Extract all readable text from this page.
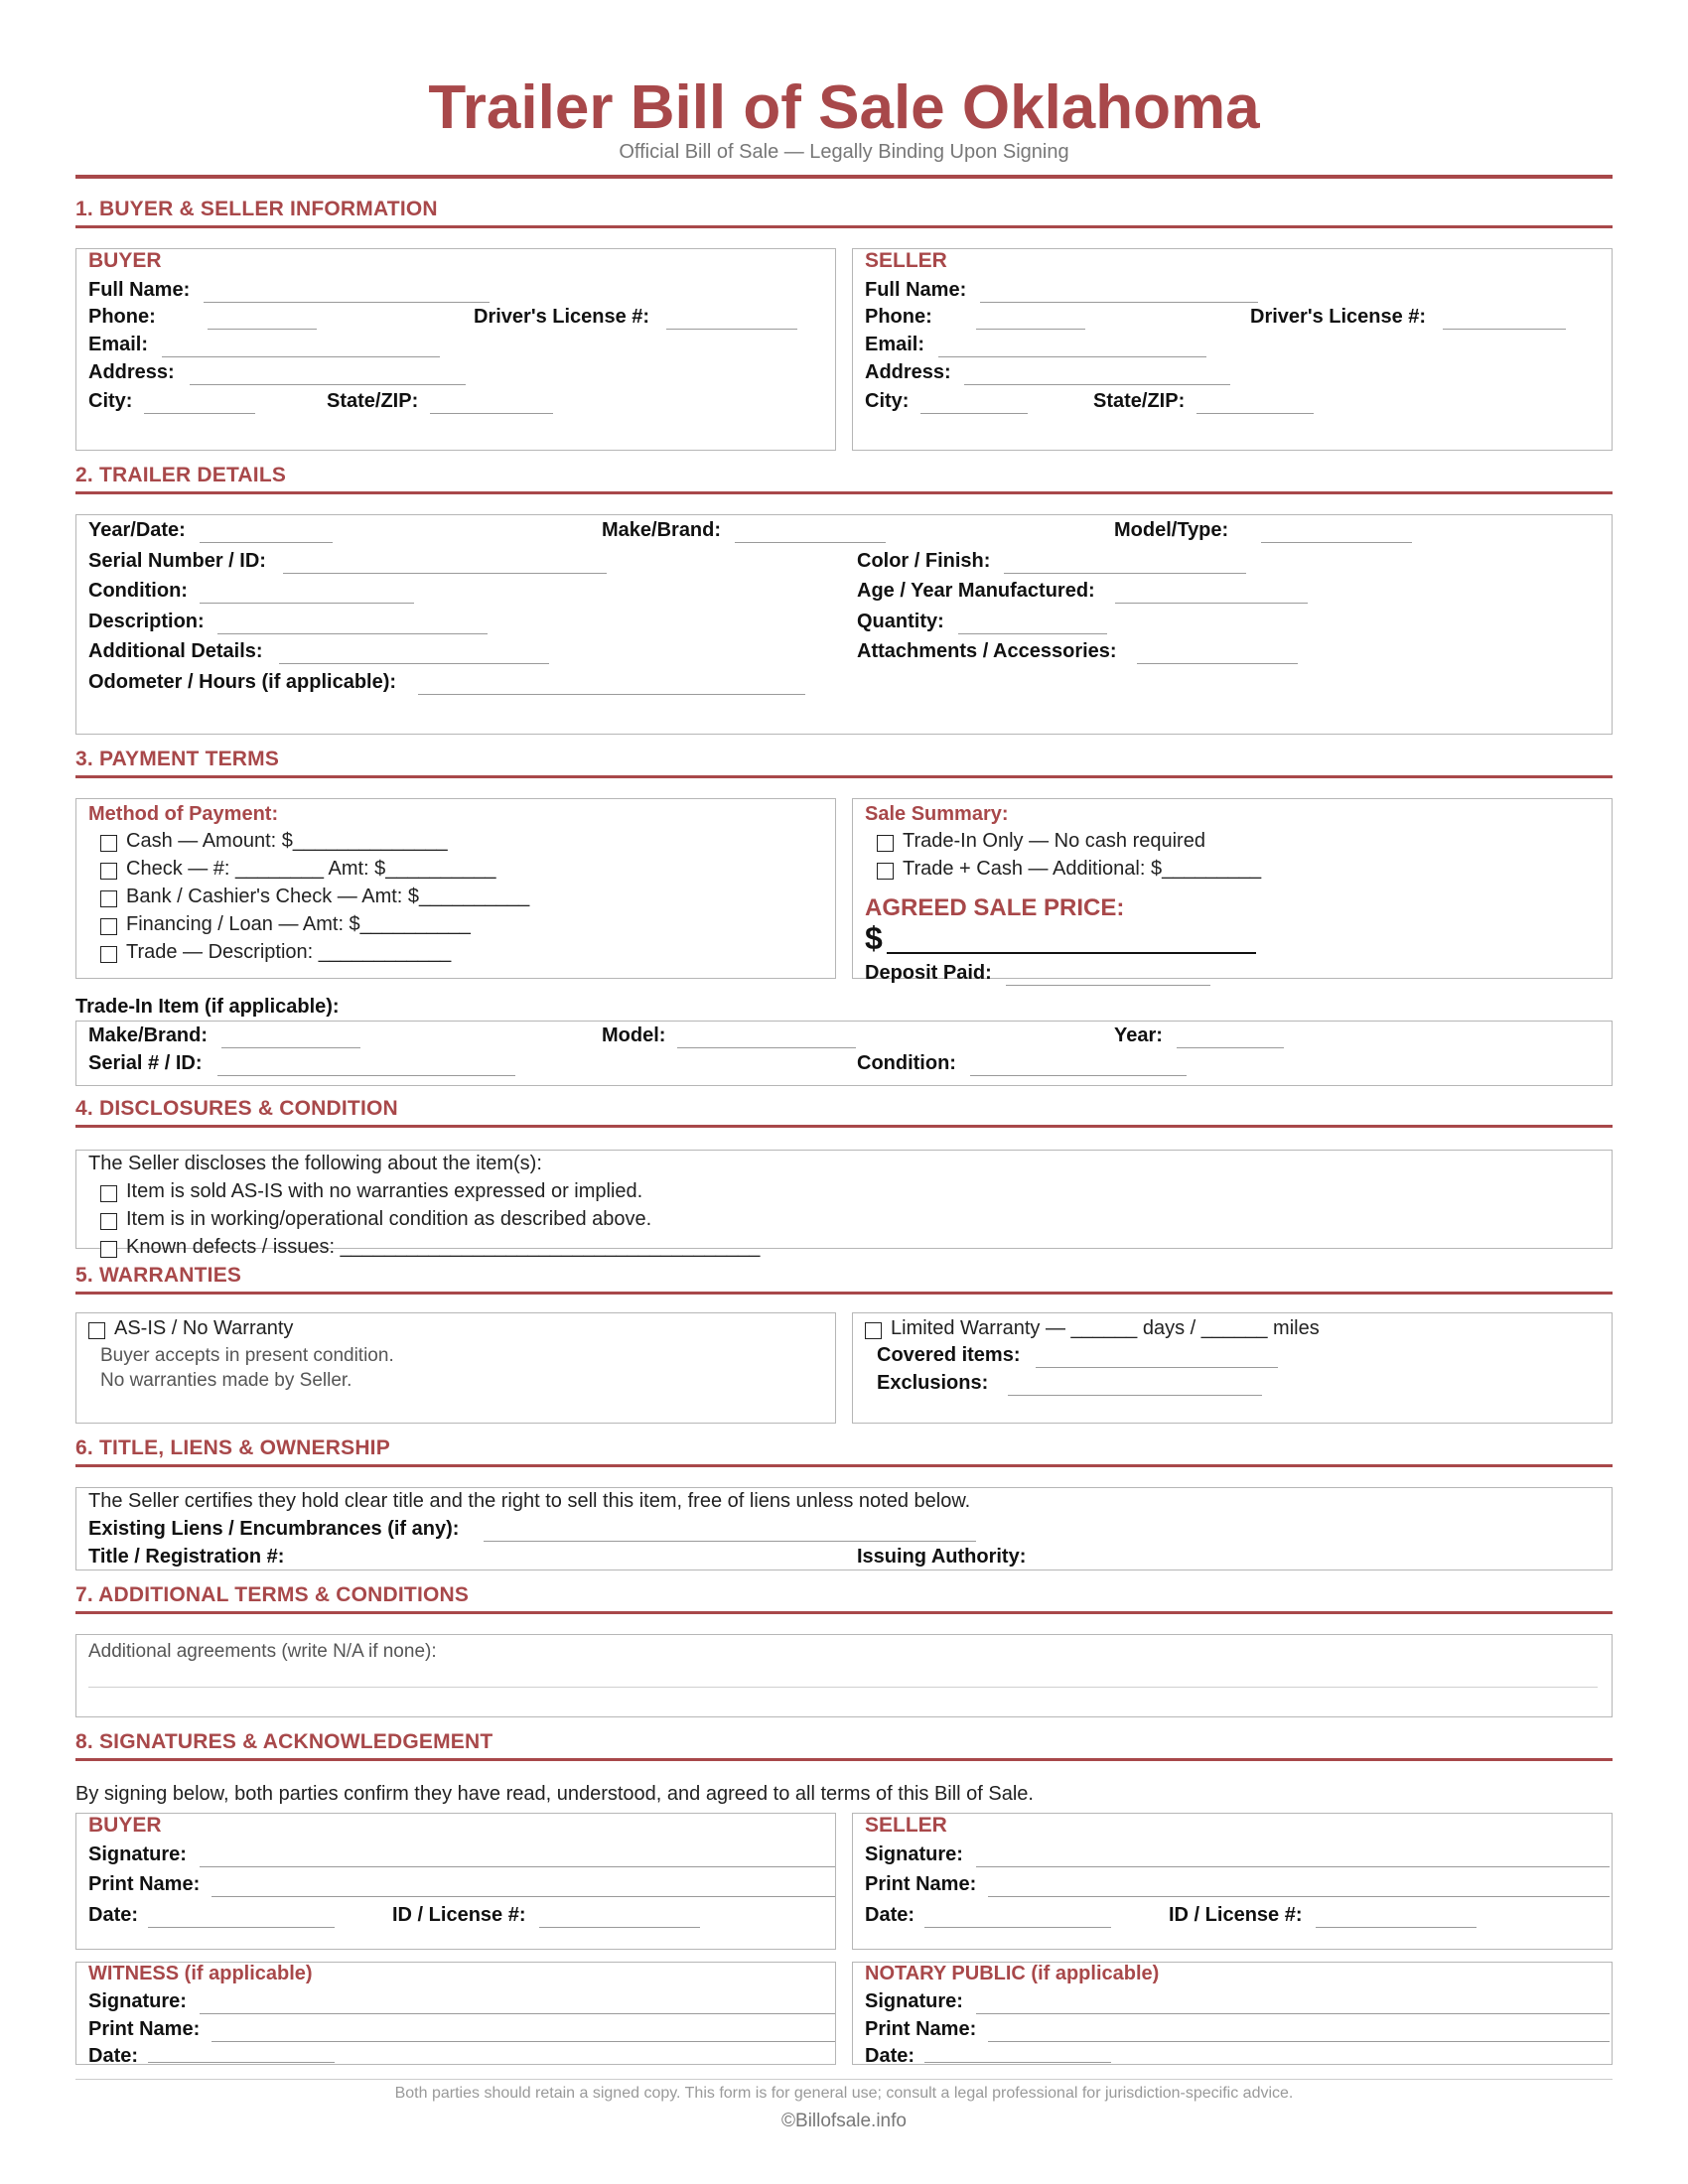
Trailer Bill of Sale Oklahoma
Official Bill of Sale — Legally Binding Upon Signing
1. BUYER & SELLER INFORMATION
BUYER
Full Name:
Phone:	Driver's License #:
Email:
Address:
City:	State/ZIP:
SELLER
Full Name:
Phone:	Driver's License #:
Email:
Address:
City:	State/ZIP:
2. TRAILER DETAILS
Year/Date:	Make/Brand:	Model/Type:
Serial Number / ID:	Color / Finish:
Condition:	Age / Year Manufactured:
Description:	Quantity:
Additional Details:	Attachments / Accessories:
Odometer / Hours (if applicable):
3. PAYMENT TERMS
Method of Payment:
Cash — Amount: $______________
Check — #: ________ Amt: $__________
Bank / Cashier's Check — Amt: $__________
Financing / Loan — Amt: $__________
Trade — Description: ____________
Sale Summary:
Trade-In Only — No cash required
Trade + Cash — Additional: $_________
AGREED SALE PRICE:
$
Deposit Paid:
Trade-In Item (if applicable):
Make/Brand:	Model:	Year:
Serial # / ID:	Condition:
4. DISCLOSURES & CONDITION
The Seller discloses the following about the item(s):
Item is sold AS-IS with no warranties expressed or implied.
Item is in working/operational condition as described above.
Known defects / issues: ______________________________________
5. WARRANTIES
AS-IS / No Warranty
Buyer accepts in present condition.
No warranties made by Seller.
Limited Warranty — ______ days / ______ miles
Covered items:
Exclusions:
6. TITLE, LIENS & OWNERSHIP
The Seller certifies they hold clear title and the right to sell this item, free of liens unless noted below.
Existing Liens / Encumbrances (if any):
Title / Registration #:	Issuing Authority:
7. ADDITIONAL TERMS & CONDITIONS
Additional agreements (write N/A if none):
8. SIGNATURES & ACKNOWLEDGEMENT
By signing below, both parties confirm they have read, understood, and agreed to all terms of this Bill of Sale.
BUYER
Signature:
Print Name:
Date:	ID / License #:
SELLER
Signature:
Print Name:
Date:	ID / License #:
WITNESS (if applicable)
Signature:
Print Name:
Date:
NOTARY PUBLIC (if applicable)
Signature:
Print Name:
Date:
Both parties should retain a signed copy. This form is for general use; consult a legal professional for jurisdiction-specific advice.
©Billofsale.info
